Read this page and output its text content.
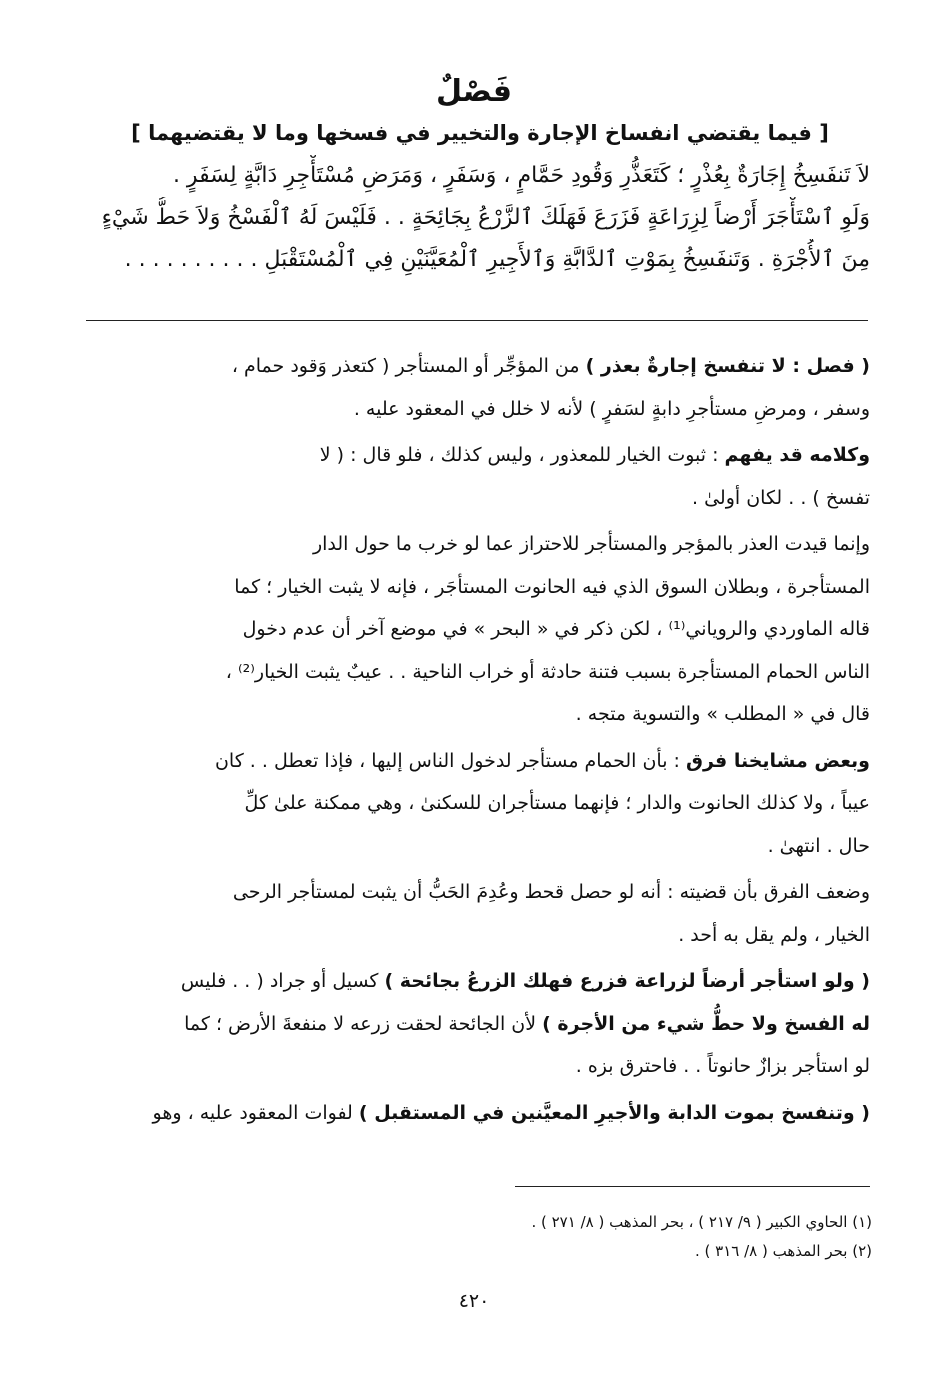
فَصْلٌ
[ فيما يقتضي انفساخ الإجارة والتخيير في فسخها وما لا يقتضيهما ]
لاَ تَنفَسِخُ إِجَارَةٌ بِعُذْرٍ ؛ كَتَعَذُّرِ وَقُودِ حَمَّامٍ ، وَسَفَرٍ ، وَمَرَضِ مُسْتَأْجِرِ دَابَّةٍ لِسَفَرٍ .
وَلَوِ ٱسْتَأْجَرَ أَرْضاً لِزِرَاعَةٍ فَزَرَعَ فَهَلَكَ ٱلزَّرْعُ بِجَائِحَةٍ . . فَلَيْسَ لَهُ ٱلْفَسْخُ وَلاَ حَطُّ شَيْءٍ
مِنَ ٱلأُجْرَةِ . وَتَنفَسِخُ بِمَوْتِ ٱلدَّابَّةِ وَٱلأَجِيرِ ٱلْمُعَيَّنَيْنِ فِي ٱلْمُسْتَقْبَلِ . . . . . . . . . .

( فصل : لا تنفسخ إجارةٌ بعذر ) من المؤجِّر أو المستأجر ( كتعذر وَقود حمام ،
وسفر ، ومرضِ مستأجرِ دابةٍ لسَفرٍ ) لأنه لا خلل في المعقود عليه .

وكلامه قد يفهم : ثبوت الخيار للمعذور ، وليس كذلك ، فلو قال : ( لا
تفسخ ) . . لكان أولىٰ .

وإنما قيدت العذر بالمؤجر والمستأجر للاحتراز عما لو خرب ما حول الدار
المستأجرة ، وبطلان السوق الذي فيه الحانوت المستأجَر ، فإنه لا يثبت الخيار ؛ كما
قاله الماوردي والروياني⁽¹⁾ ، لكن ذكر في « البحر » في موضع آخر أن عدم دخول
الناس الحمام المستأجرة بسبب فتنة حادثة أو خراب الناحية . . عيبٌ يثبت الخيار⁽²⁾ ،
قال في « المطلب » والتسوية متجه .

وبعض مشايخنا فرق : بأن الحمام مستأجر لدخول الناس إليها ، فإذا تعطل . . كان
عيباً ، ولا كذلك الحانوت والدار ؛ فإنهما مستأجران للسكنىٰ ، وهي ممكنة علىٰ كلِّ
حال . انتهىٰ .

وضعف الفرق بأن قضيته : أنه لو حصل قحط وعُدِمَ الحَبُّ أن يثبت لمستأجر الرحى
الخيار ، ولم يقل به أحد .

( ولو استأجر أرضاً لزراعة فزرع فهلك الزرعُ بجائحة ) كسيل أو جراد ( . . فليس
له الفسخ ولا حطُّ شيء من الأجرة ) لأن الجائحة لحقت زرعه لا منفعةَ الأرض ؛ كما
لو استأجر بزازٌ حانوتاً . . فاحترق بزه .

( وتنفسخ بموت الدابة والأجيرِ المعيَّنين في المستقبل ) لفوات المعقود عليه ، وهو

(١) الحاوي الكبير ( ٩/ ٢١٧ ) ، بحر المذهب ( ٨/ ٢٧١ ) .
(٢) بحر المذهب ( ٨/ ٣١٦ ) .
٤٢٠
